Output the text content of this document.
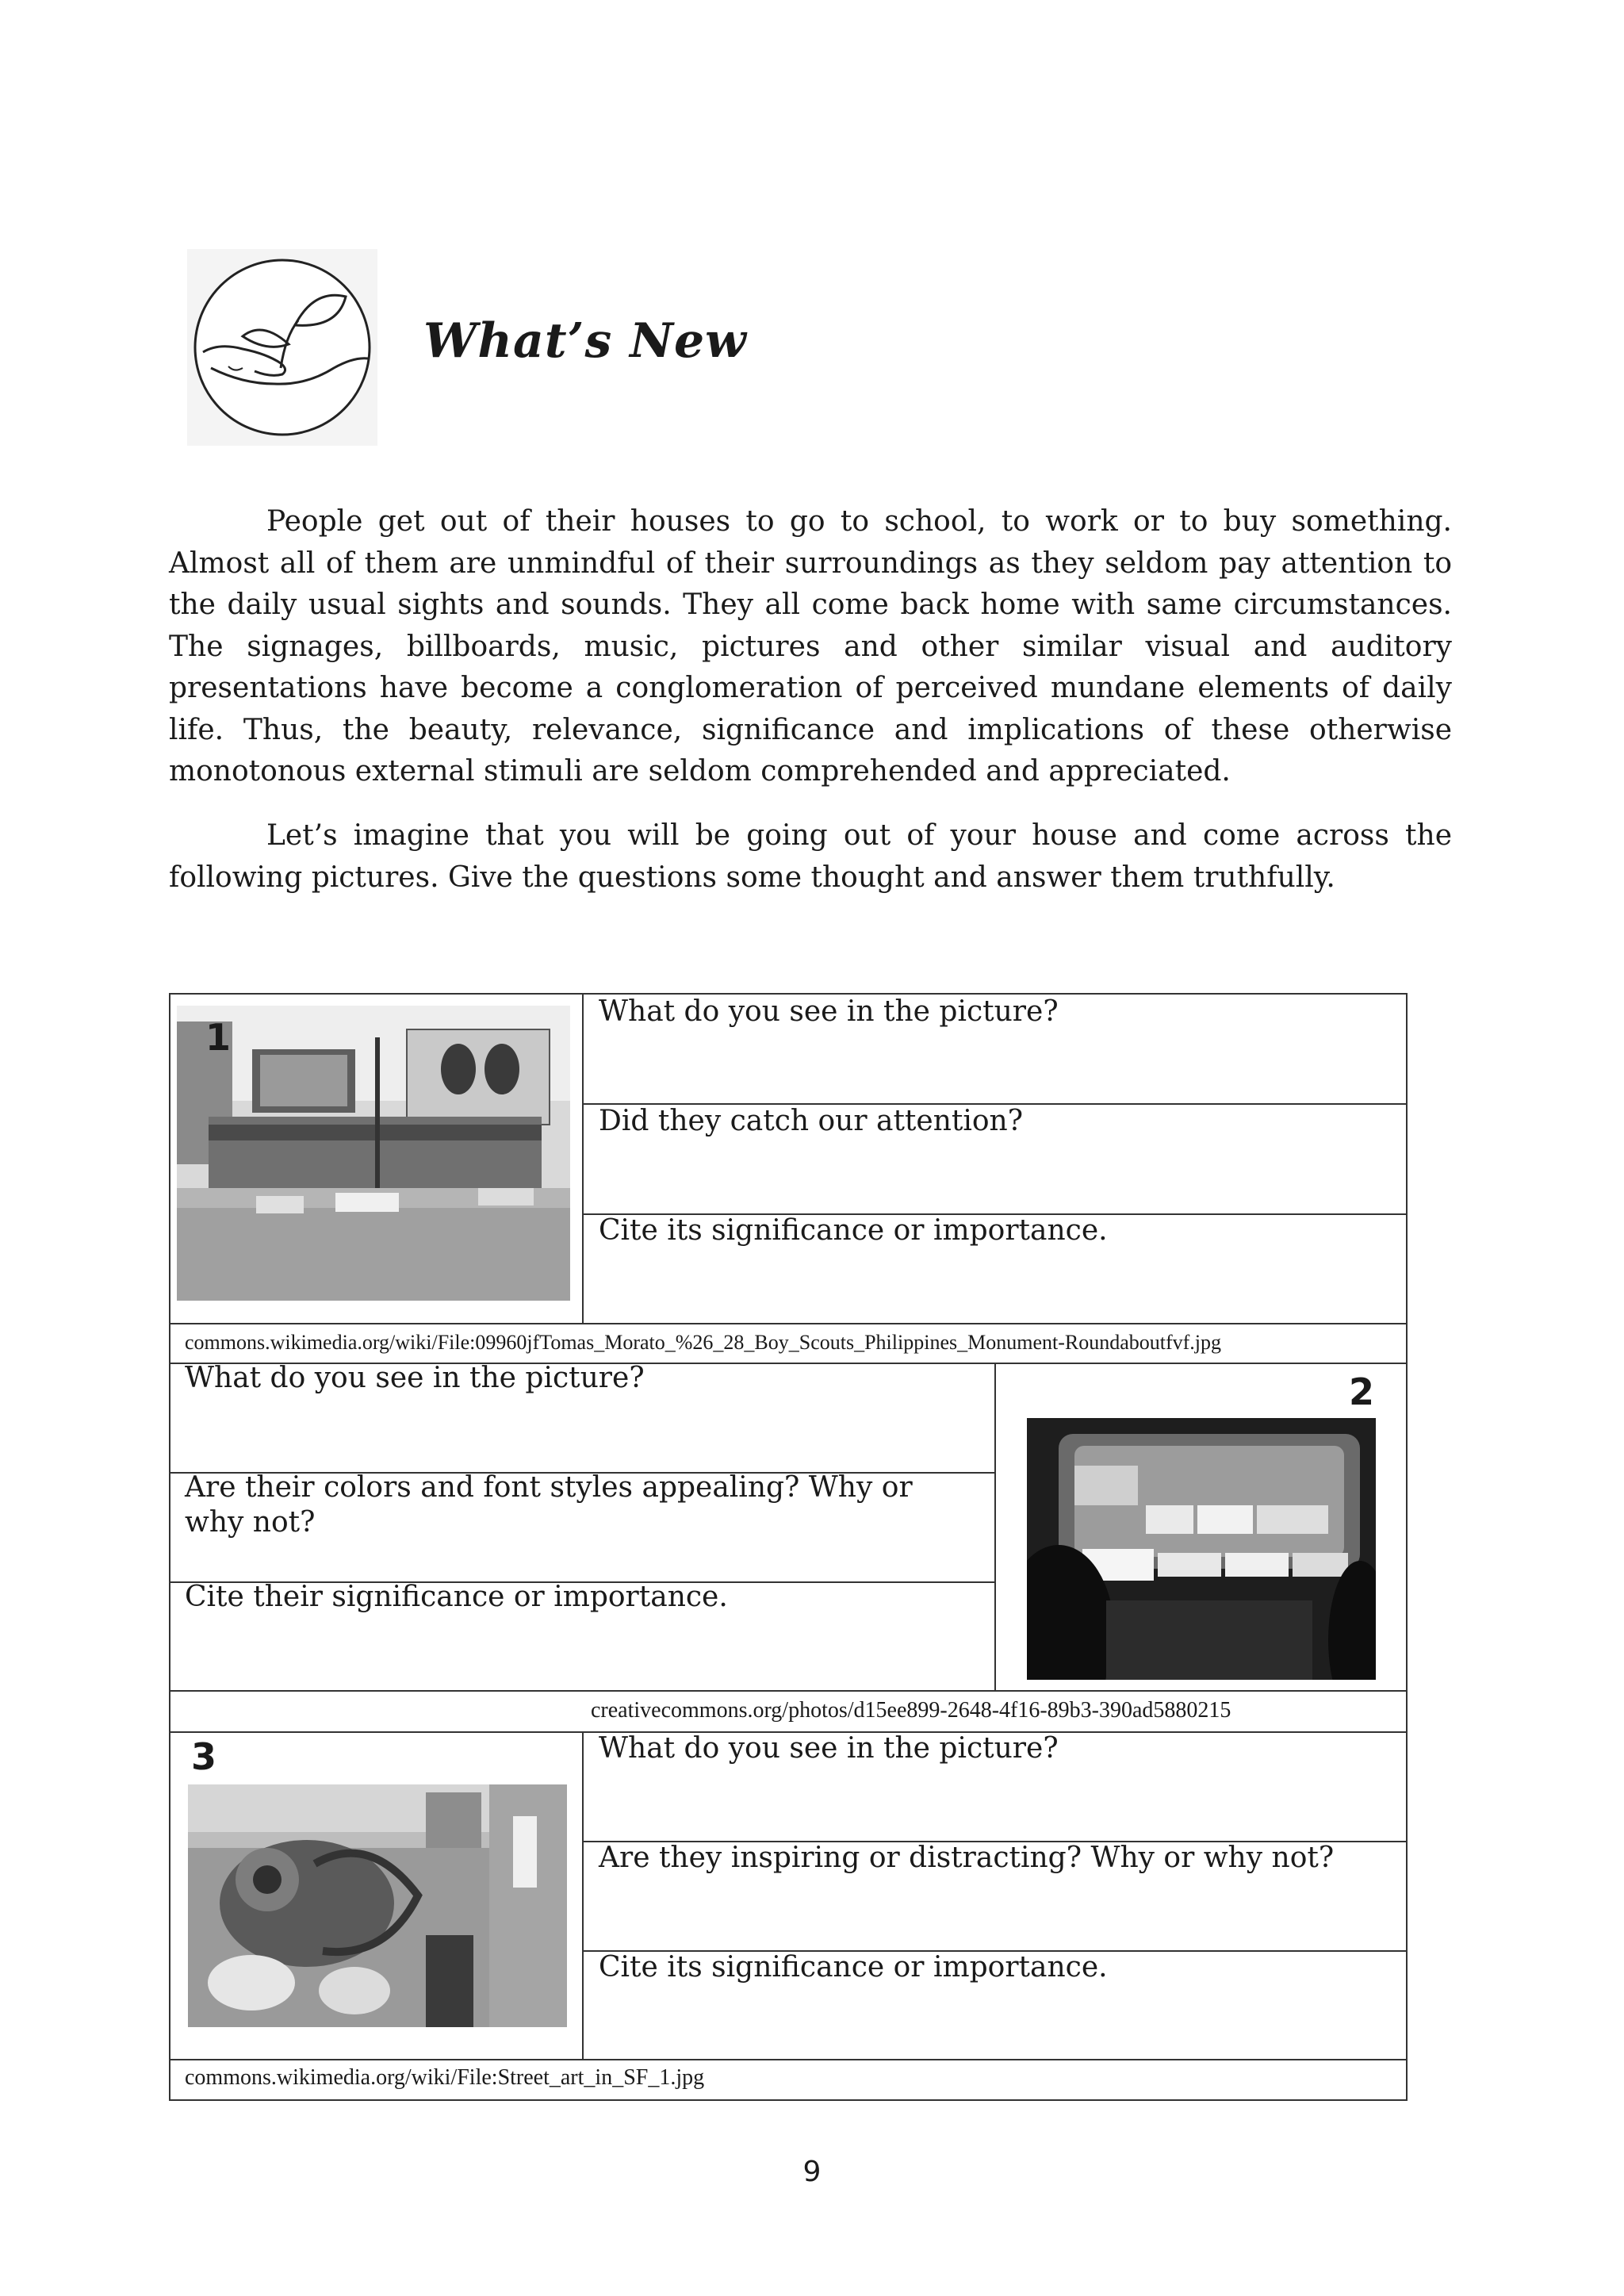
What’s New

People get out of their houses to go to school, to work or to buy something. Almost all of them are unmindful of their surroundings as they seldom pay attention to the daily usual sights and sounds. They all come back home with same circumstances. The signages, billboards, music, pictures and other similar visual and auditory presentations have become a conglomeration of perceived mundane elements of daily life. Thus, the beauty, relevance, significance and implications of these otherwise monotonous external stimuli are seldom comprehended and appreciated.

Let’s imagine that you will be going out of your house and come across the following pictures. Give the questions some thought and answer them truthfully.

1
What do you see in the picture?
Did they catch our attention?
Cite its significance or importance.
commons.wikimedia.org/wiki/File:09960jfTomas_Morato_%26_28_Boy_Scouts_Philippines_Monument-Roundaboutfvf.jpg
What do you see in the picture?
Are their colors and font styles appealing? Why or why not?
Cite their significance or importance.
2
creativecommons.org/photos/d15ee899-2648-4f16-89b3-390ad5880215
3	What do you see in the picture?
Are they inspiring or distracting? Why or why not?
Cite its significance or importance.
commons.wikimedia.org/wiki/File:Street_art_in_SF_1.jpg
9
